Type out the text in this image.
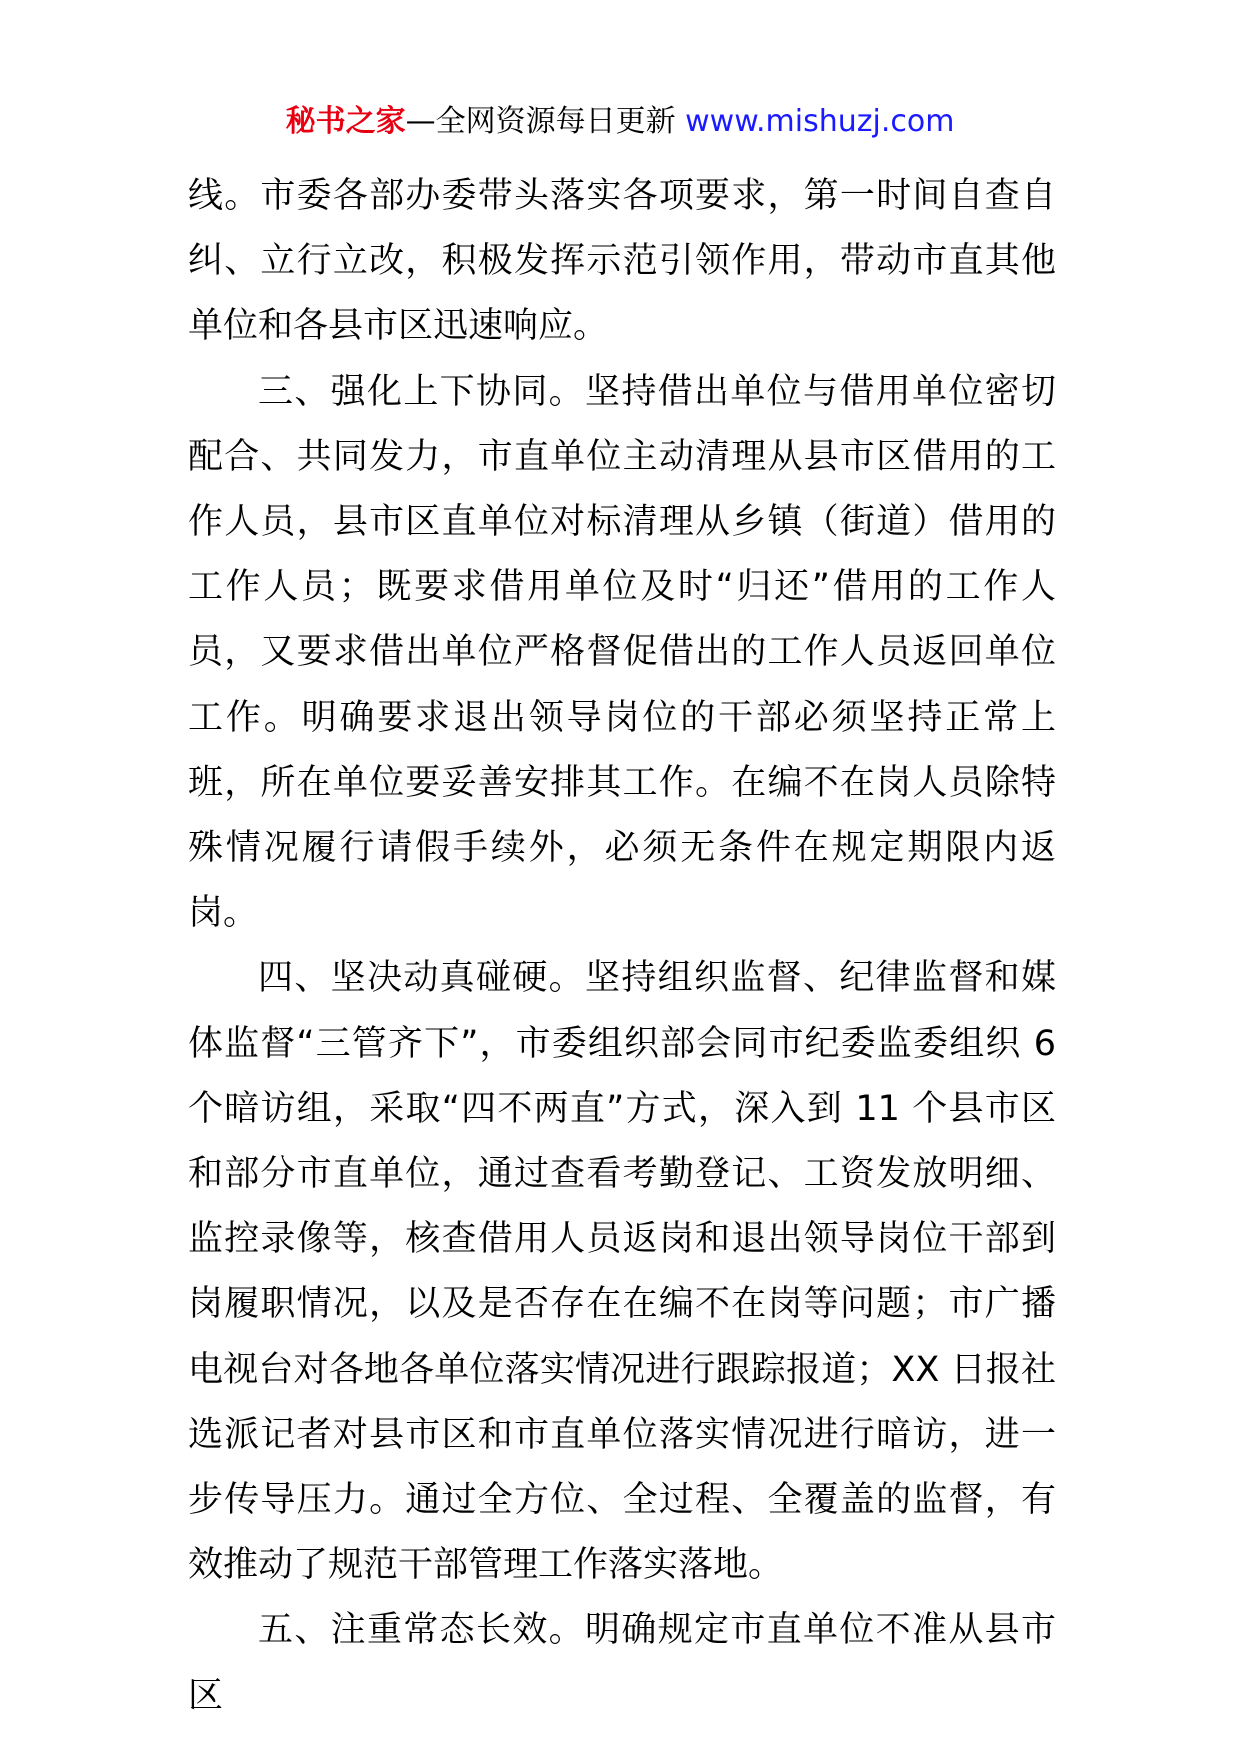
秘书之家—全网资源每日更新 www.mishuzj.com

线。市委各部办委带头落实各项要求，第一时间自查自纠、立行立改，积极发挥示范引领作用，带动市直其他单位和各县市区迅速响应。

三、强化上下协同。坚持借出单位与借用单位密切配合、共同发力，市直单位主动清理从县市区借用的工作人员，县市区直单位对标清理从乡镇（街道）借用的工作人员；既要求借用单位及时“归还”借用的工作人员，又要求借出单位严格督促借出的工作人员返回单位工作。明确要求退出领导岗位的干部必须坚持正常上班，所在单位要妥善安排其工作。在编不在岗人员除特殊情况履行请假手续外，必须无条件在规定期限内返岗。

四、坚决动真碰硬。坚持组织监督、纪律监督和媒体监督“三管齐下”，市委组织部会同市纪委监委组织 6 个暗访组，采取“四不两直”方式，深入到 11 个县市区和部分市直单位，通过查看考勤登记、工资发放明细、监控录像等，核查借用人员返岗和退出领导岗位干部到岗履职情况，以及是否存在在编不在岗等问题；市广播电视台对各地各单位落实情况进行跟踪报道；XX 日报社选派记者对县市区和市直单位落实情况进行暗访，进一步传导压力。通过全方位、全过程、全覆盖的监督，有效推动了规范干部管理工作落实落地。

五、注重常态长效。明确规定市直单位不准从县市区
